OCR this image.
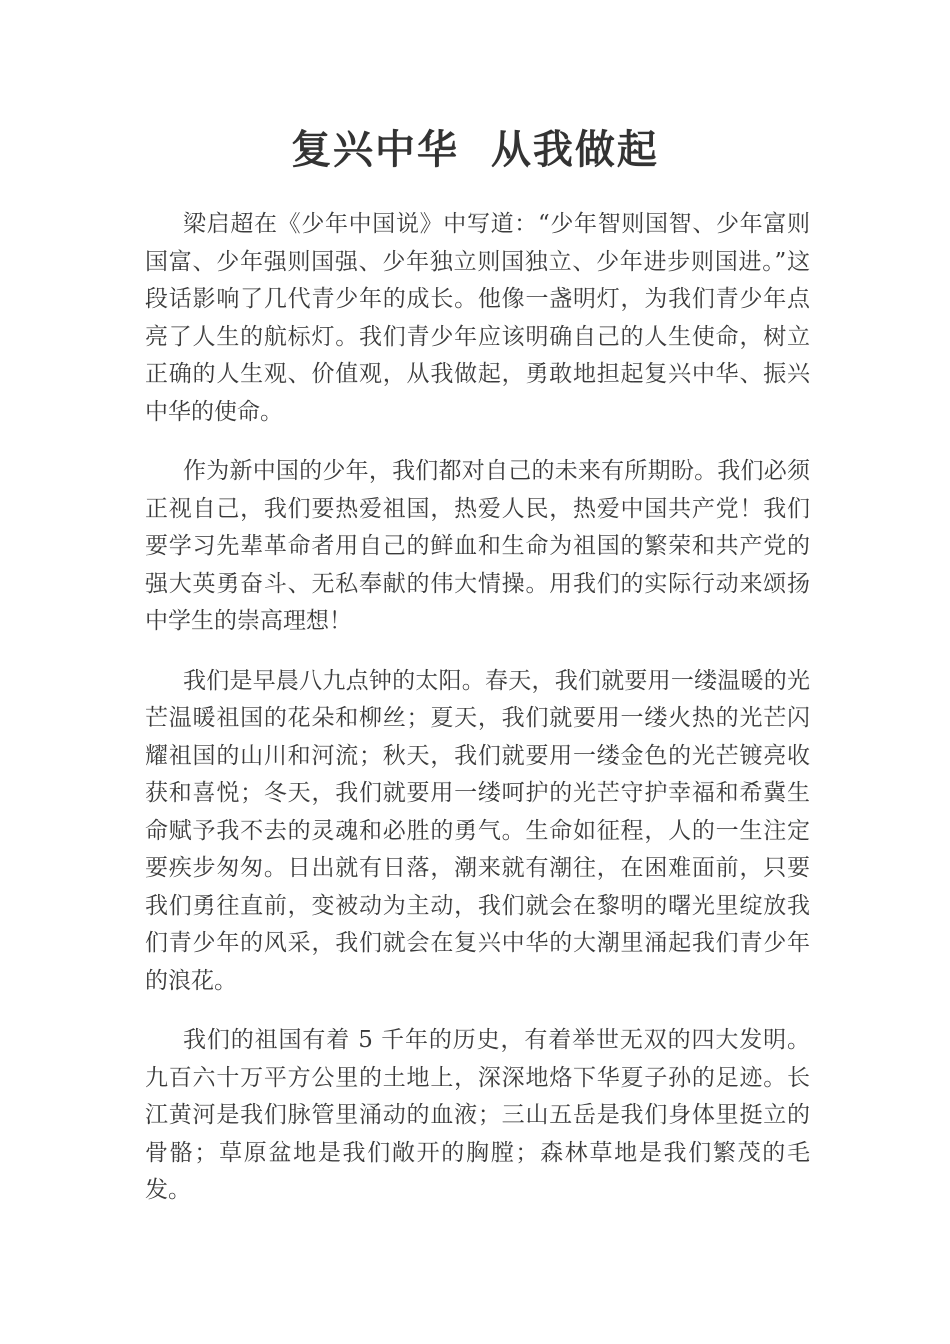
复兴中华  从我做起

梁启超在《少年中国说》中写道：“少年智则国智、少年富则国富、少年强则国强、少年独立则国独立、少年进步则国进。”这段话影响了几代青少年的成长。他像一盏明灯，为我们青少年点亮了人生的航标灯。我们青少年应该明确自己的人生使命，树立正确的人生观、价值观，从我做起，勇敢地担起复兴中华、振兴中华的使命。

作为新中国的少年，我们都对自己的未来有所期盼。我们必须正视自己，我们要热爱祖国，热爱人民，热爱中国共产党！我们要学习先辈革命者用自己的鲜血和生命为祖国的繁荣和共产党的强大英勇奋斗、无私奉献的伟大情操。用我们的实际行动来颂扬中学生的崇高理想！

我们是早晨八九点钟的太阳。春天，我们就要用一缕温暖的光芒温暖祖国的花朵和柳丝；夏天，我们就要用一缕火热的光芒闪耀祖国的山川和河流；秋天，我们就要用一缕金色的光芒镀亮收获和喜悦；冬天，我们就要用一缕呵护的光芒守护幸福和希冀生命赋予我不去的灵魂和必胜的勇气。生命如征程，人的一生注定要疾步匆匆。日出就有日落，潮来就有潮往，在困难面前，只要我们勇往直前，变被动为主动，我们就会在黎明的曙光里绽放我们青少年的风采，我们就会在复兴中华的大潮里涌起我们青少年的浪花。

我们的祖国有着 5 千年的历史，有着举世无双的四大发明。九百六十万平方公里的土地上，深深地烙下华夏子孙的足迹。长江黄河是我们脉管里涌动的血液；三山五岳是我们身体里挺立的骨骼；草原盆地是我们敞开的胸膛；森林草地是我们繁茂的毛发。
